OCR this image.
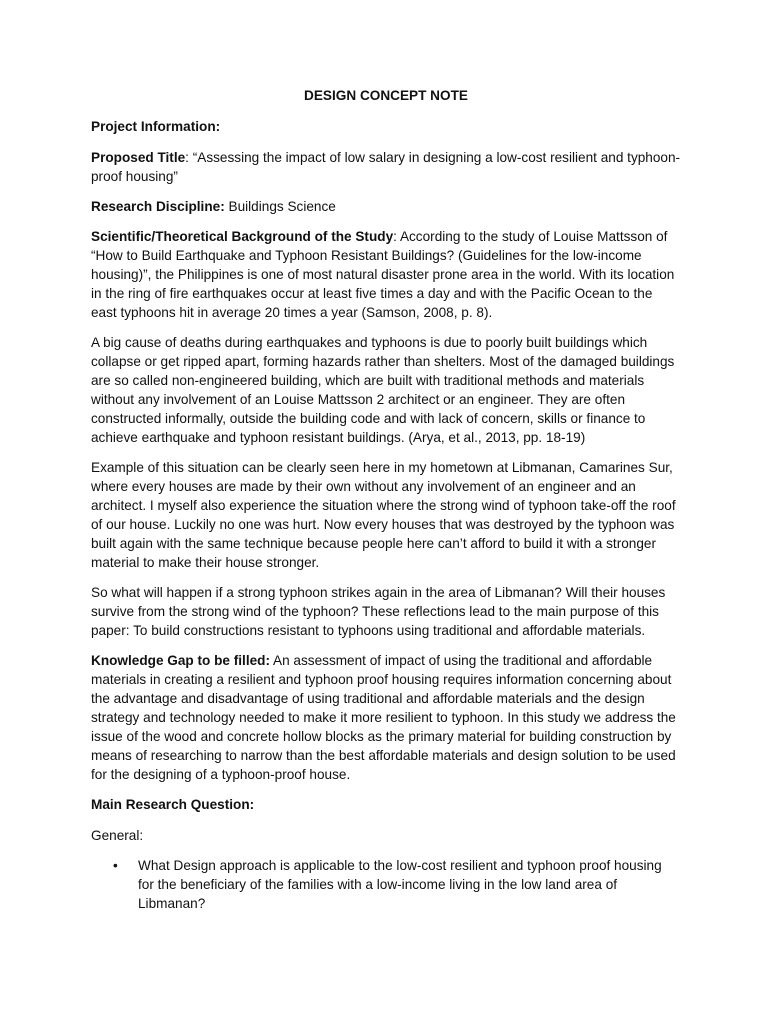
DESIGN CONCEPT NOTE

Project Information:

Proposed Title: “Assessing the impact of low salary in designing a low-cost resilient and typhoon-proof housing”

Research Discipline: Buildings Science

Scientific/Theoretical Background of the Study: According to the study of Louise Mattsson of “How to Build Earthquake and Typhoon Resistant Buildings? (Guidelines for the low-income housing)”, the Philippines is one of most natural disaster prone area in the world. With its location in the ring of fire earthquakes occur at least five times a day and with the Pacific Ocean to the east typhoons hit in average 20 times a year (Samson, 2008, p. 8).

A big cause of deaths during earthquakes and typhoons is due to poorly built buildings which collapse or get ripped apart, forming hazards rather than shelters. Most of the damaged buildings are so called non-engineered building, which are built with traditional methods and materials without any involvement of an Louise Mattsson 2 architect or an engineer. They are often constructed informally, outside the building code and with lack of concern, skills or finance to achieve earthquake and typhoon resistant buildings. (Arya, et al., 2013, pp. 18-19)

Example of this situation can be clearly seen here in my hometown at Libmanan, Camarines Sur, where every houses are made by their own without any involvement of an engineer and an architect. I myself also experience the situation where the strong wind of typhoon take-off the roof of our house. Luckily no one was hurt. Now every houses that was destroyed by the typhoon was built again with the same technique because people here can’t afford to build it with a stronger material to make their house stronger.

So what will happen if a strong typhoon strikes again in the area of Libmanan? Will their houses survive from the strong wind of the typhoon? These reflections lead to the main purpose of this paper: To build constructions resistant to typhoons using traditional and affordable materials.

Knowledge Gap to be filled: An assessment of impact of using the traditional and affordable materials in creating a resilient and typhoon proof housing requires information concerning about the advantage and disadvantage of using traditional and affordable materials and the design strategy and technology needed to make it more resilient to typhoon. In this study we address the issue of the wood and concrete hollow blocks as the primary material for building construction by means of researching to narrow than the best affordable materials and design solution to be used for the designing of a typhoon-proof house.

Main Research Question:

General:

• What Design approach is applicable to the low-cost resilient and typhoon proof housing for the beneficiary of the families with a low-income living in the low land area of Libmanan?
